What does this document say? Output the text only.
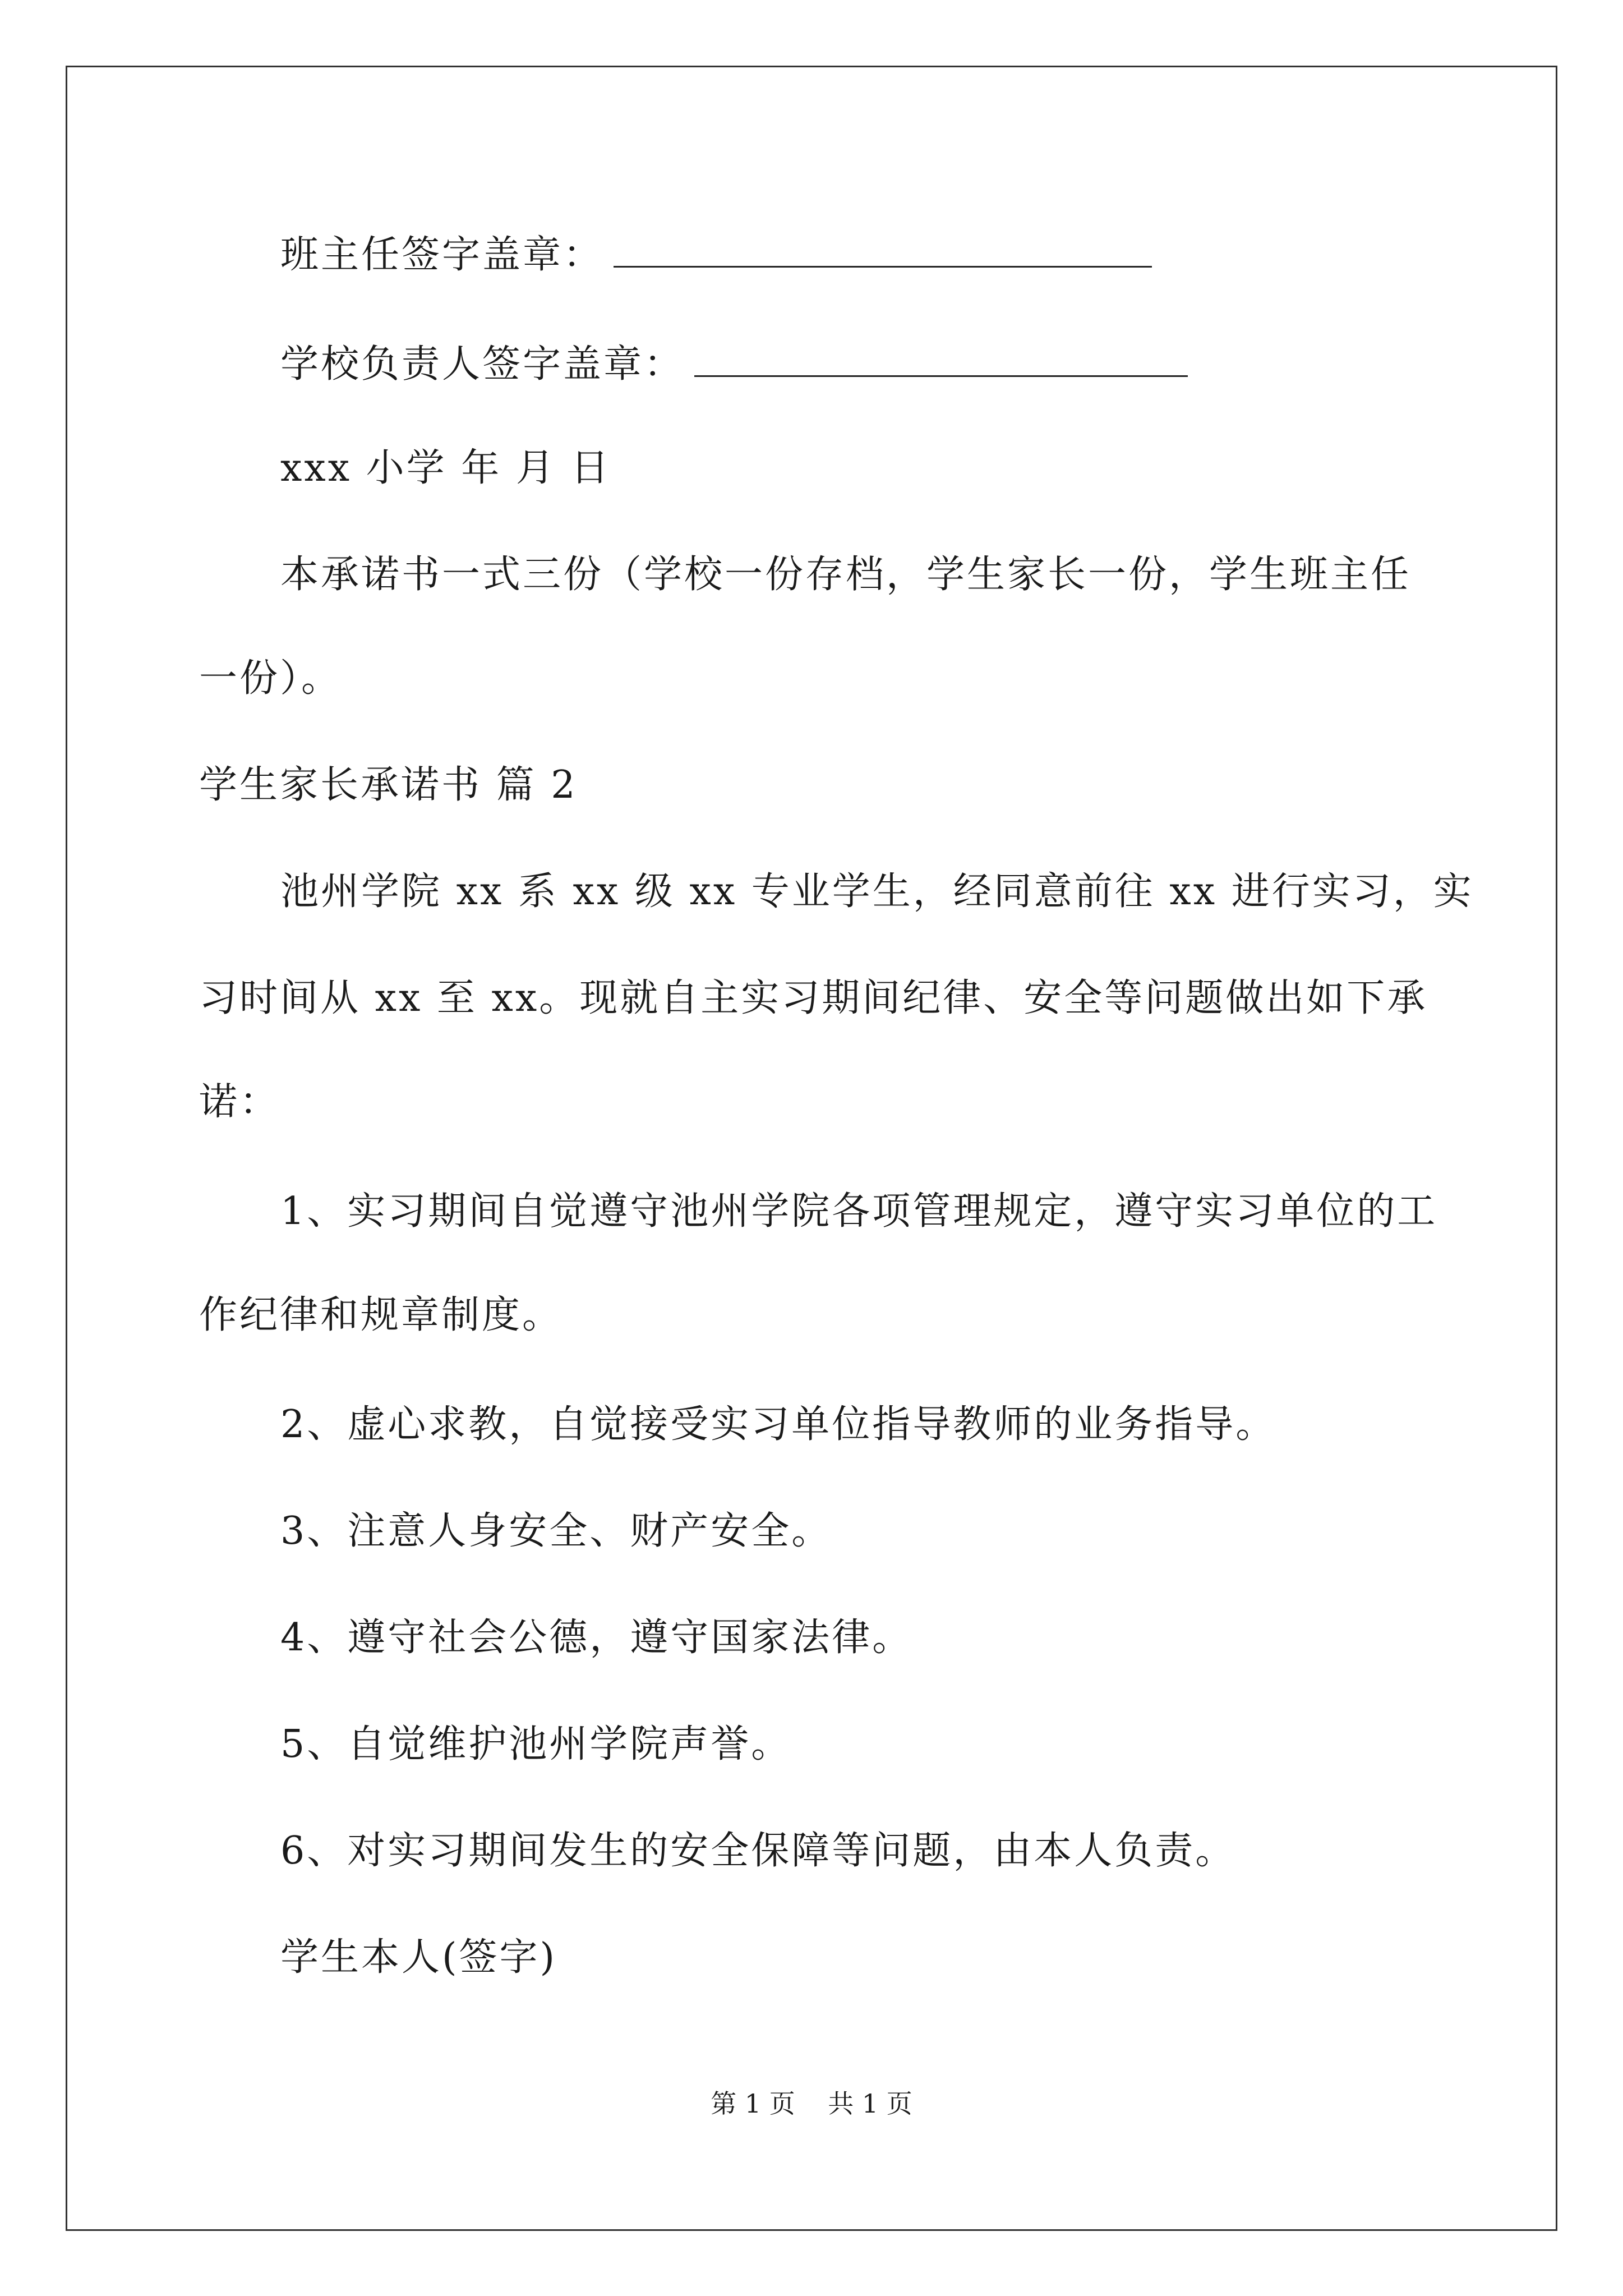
班主任签字盖章：
学校负责人签字盖章：
xxx 小学 年 月 日
本承诺书一式三份（学校一份存档，学生家长一份，学生班主任
一份）。
学生家长承诺书 篇 2
池州学院 xx 系 xx 级 xx 专业学生，经同意前往 xx 进行实习，实
习时间从 xx 至 xx。现就自主实习期间纪律、安全等问题做出如下承
诺：
1、实习期间自觉遵守池州学院各项管理规定，遵守实习单位的工
作纪律和规章制度。
2、虚心求教，自觉接受实习单位指导教师的业务指导。
3、注意人身安全、财产安全。
4、遵守社会公德，遵守国家法律。
5、自觉维护池州学院声誉。
6、对实习期间发生的安全保障等问题，由本人负责。
学生本人(签字)
第 1 页    共 1 页
